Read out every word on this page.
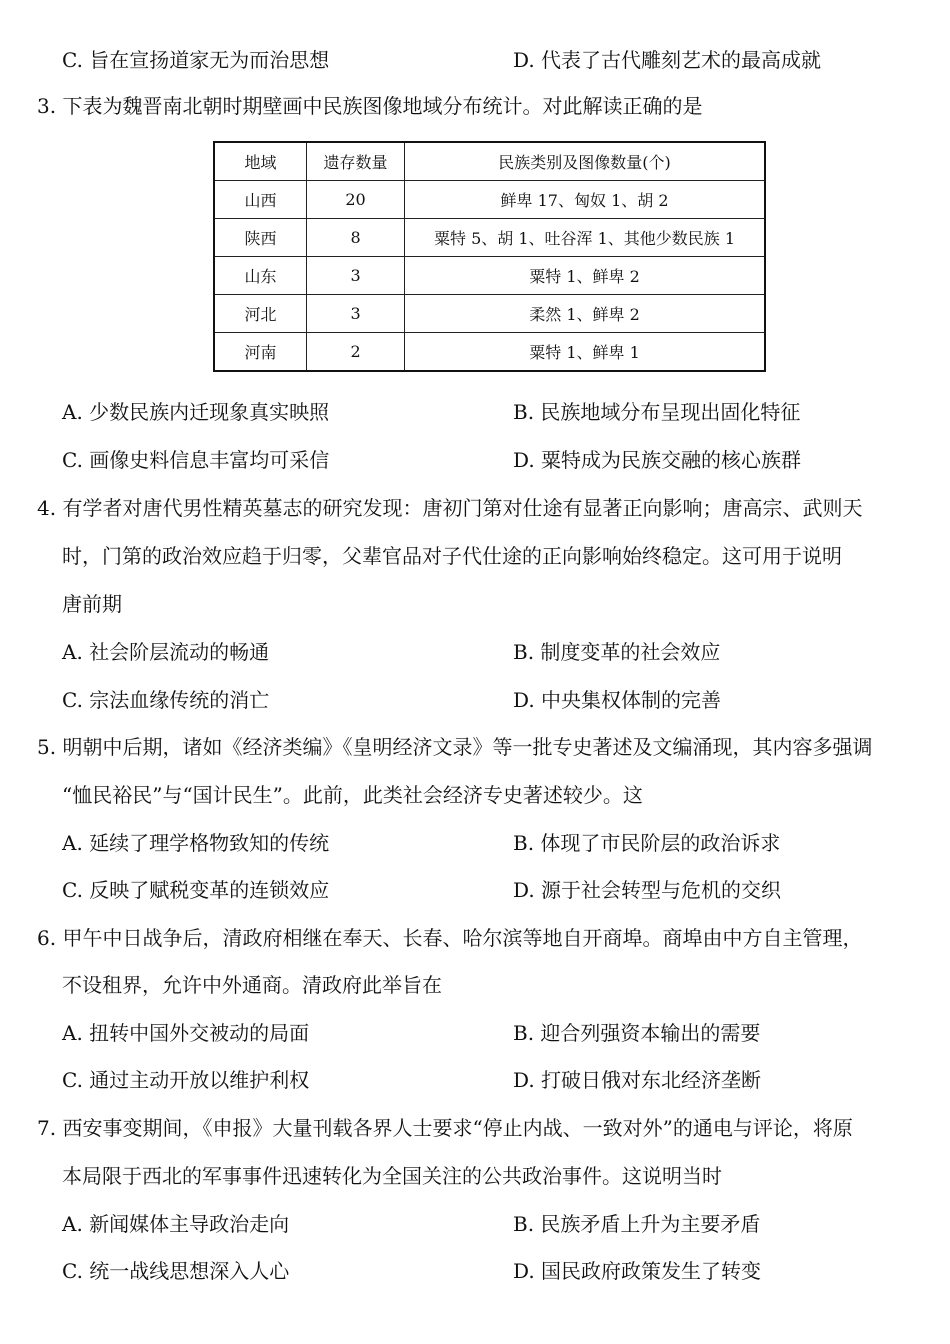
C. 旨在宣扬道家无为而治思想	D. 代表了古代雕刻艺术的最高成就
3. 下表为魏晋南北朝时期壁画中民族图像地域分布统计。对此解读正确的是
地域	遗存数量	民族类别及图像数量(个)
山西	20	鲜卑 17、匈奴 1、胡 2
陕西	8	粟特 5、胡 1、吐谷浑 1、其他少数民族 1
山东	3	粟特 1、鲜卑 2
河北	3	柔然 1、鲜卑 2
河南	2	粟特 1、鲜卑 1
A. 少数民族内迁现象真实映照	B. 民族地域分布呈现出固化特征
C. 画像史料信息丰富均可采信	D. 粟特成为民族交融的核心族群
4. 有学者对唐代男性精英墓志的研究发现：唐初门第对仕途有显著正向影响；唐高宗、武则天
时，门第的政治效应趋于归零，父辈官品对子代仕途的正向影响始终稳定。这可用于说明
唐前期
A. 社会阶层流动的畅通	B. 制度变革的社会效应
C. 宗法血缘传统的消亡	D. 中央集权体制的完善
5. 明朝中后期，诸如《经济类编》《皇明经济文录》等一批专史著述及文编涌现，其内容多强调
“恤民裕民”与“国计民生”。此前，此类社会经济专史著述较少。这
A. 延续了理学格物致知的传统	B. 体现了市民阶层的政治诉求
C. 反映了赋税变革的连锁效应	D. 源于社会转型与危机的交织
6. 甲午中日战争后，清政府相继在奉天、长春、哈尔滨等地自开商埠。商埠由中方自主管理，
不设租界，允许中外通商。清政府此举旨在
A. 扭转中国外交被动的局面	B. 迎合列强资本输出的需要
C. 通过主动开放以维护利权	D. 打破日俄对东北经济垄断
7. 西安事变期间，《申报》大量刊载各界人士要求“停止内战、一致对外”的通电与评论，将原
本局限于西北的军事事件迅速转化为全国关注的公共政治事件。这说明当时
A. 新闻媒体主导政治走向	B. 民族矛盾上升为主要矛盾
C. 统一战线思想深入人心	D. 国民政府政策发生了转变
